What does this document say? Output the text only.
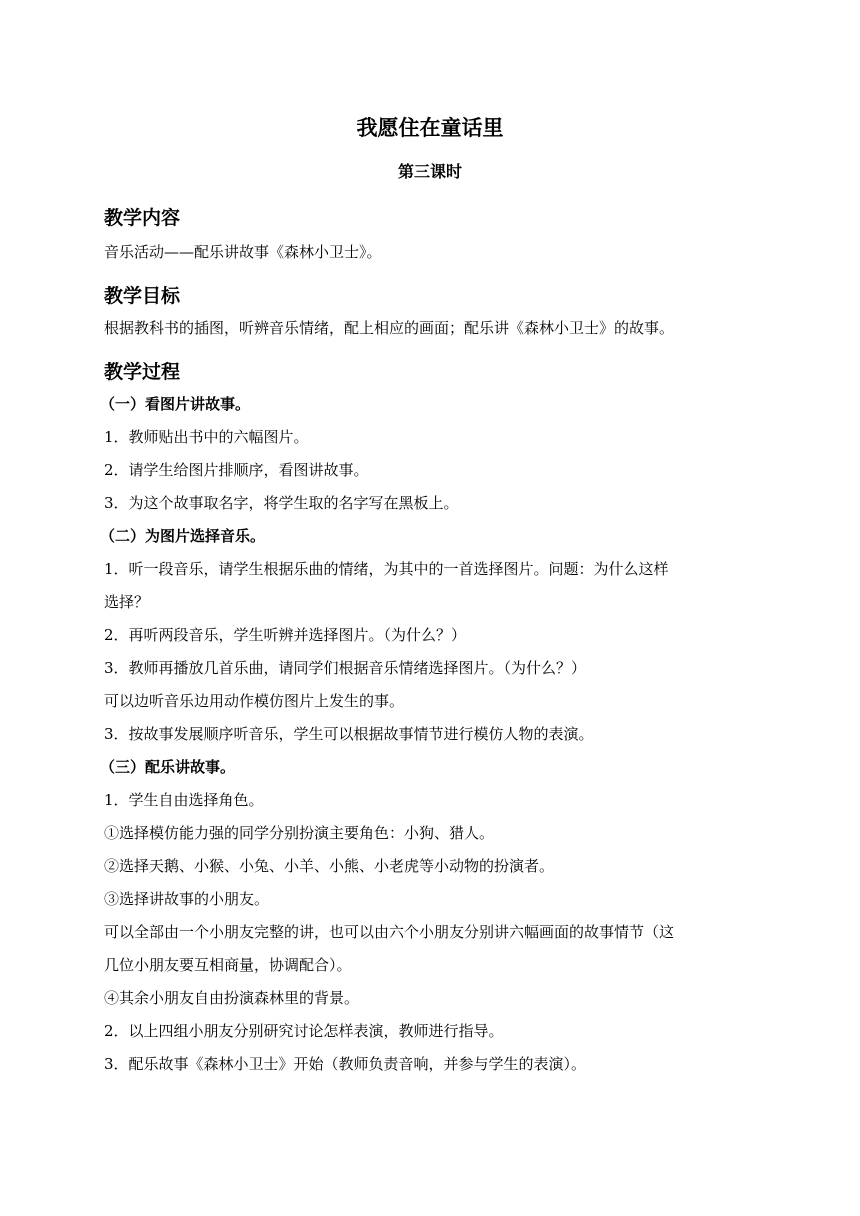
我愿住在童话里
第三课时
教学内容

音乐活动——配乐讲故事《森林小卫士》。

教学目标

根据教科书的插图，听辨音乐情绪，配上相应的画面；配乐讲《森林小卫士》的故事。

教学过程

（一）看图片讲故事。

1．教师贴出书中的六幅图片。

2．请学生给图片排顺序，看图讲故事。

3．为这个故事取名字，将学生取的名字写在黑板上。

（二）为图片选择音乐。

1．听一段音乐，请学生根据乐曲的情绪，为其中的一首选择图片。问题：为什么这样

选择？

2．再听两段音乐，学生听辨并选择图片。（为什么？）

3．教师再播放几首乐曲，请同学们根据音乐情绪选择图片。（为什么？）

可以边听音乐边用动作模仿图片上发生的事。

3．按故事发展顺序听音乐，学生可以根据故事情节进行模仿人物的表演。

（三）配乐讲故事。

1．学生自由选择角色。

①选择模仿能力强的同学分别扮演主要角色：小狗、猎人。

②选择天鹅、小猴、小兔、小羊、小熊、小老虎等小动物的扮演者。

③选择讲故事的小朋友。

可以全部由一个小朋友完整的讲，也可以由六个小朋友分别讲六幅画面的故事情节（这

几位小朋友要互相商量，协调配合）。

④其余小朋友自由扮演森林里的背景。

2．以上四组小朋友分别研究讨论怎样表演，教师进行指导。

3．配乐故事《森林小卫士》开始（教师负责音响，并参与学生的表演）。
